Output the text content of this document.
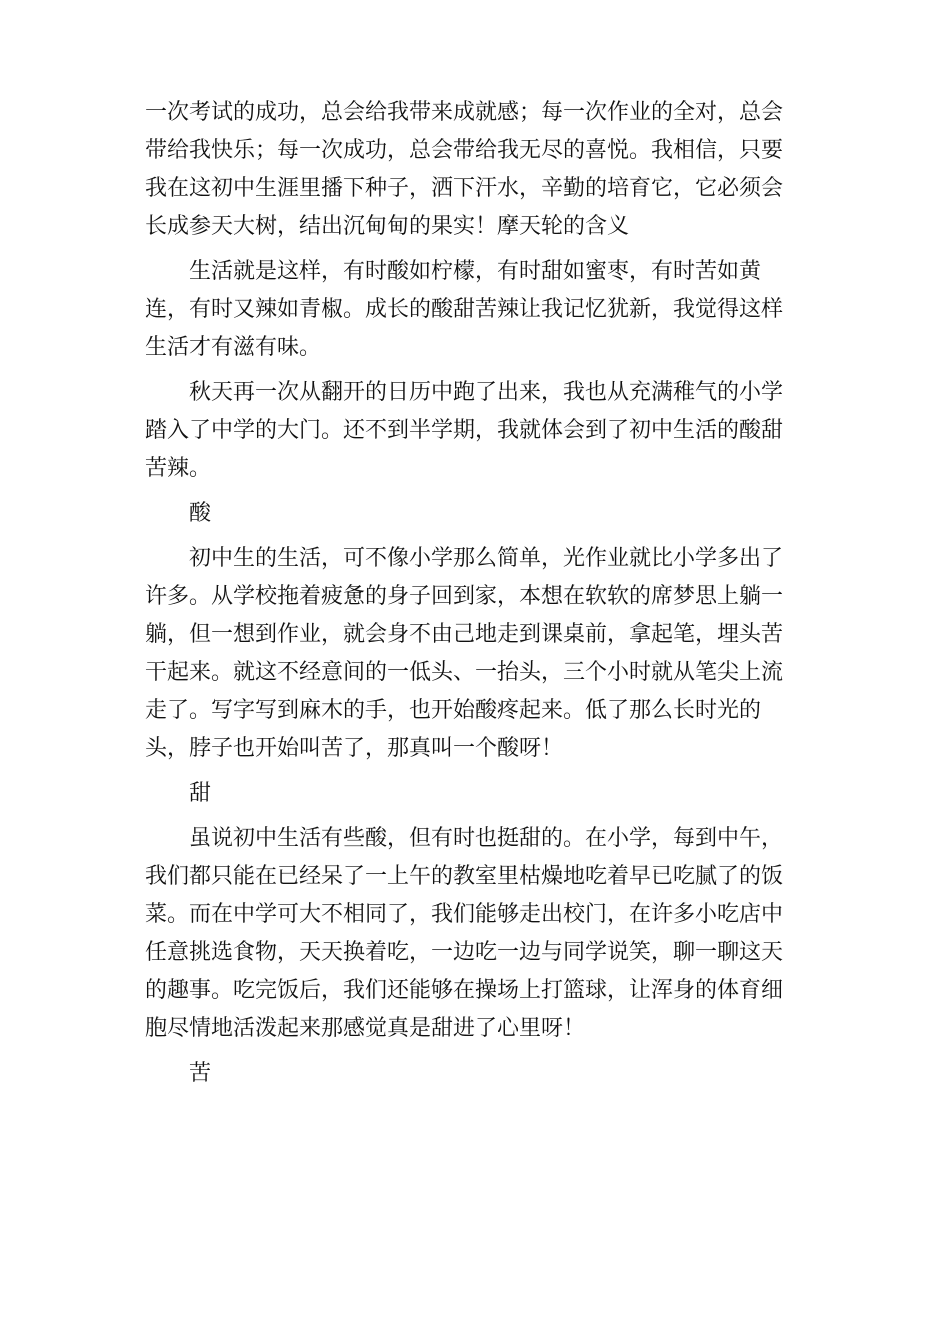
一次考试的成功，总会给我带来成就感；每一次作业的全对，总会带给我快乐；每一次成功，总会带给我无尽的喜悦。我相信，只要我在这初中生涯里播下种子，洒下汗水，辛勤的培育它，它必须会长成参天大树，结出沉甸甸的果实！摩天轮的含义

生活就是这样，有时酸如柠檬，有时甜如蜜枣，有时苦如黄连，有时又辣如青椒。成长的酸甜苦辣让我记忆犹新，我觉得这样生活才有滋有味。

秋天再一次从翻开的日历中跑了出来，我也从充满稚气的小学踏入了中学的大门。还不到半学期，我就体会到了初中生活的酸甜苦辣。

酸

初中生的生活，可不像小学那么简单，光作业就比小学多出了许多。从学校拖着疲惫的身子回到家，本想在软软的席梦思上躺一躺，但一想到作业，就会身不由己地走到课桌前，拿起笔，埋头苦干起来。就这不经意间的一低头、一抬头，三个小时就从笔尖上流走了。写字写到麻木的手，也开始酸疼起来。低了那么长时光的头，脖子也开始叫苦了，那真叫一个酸呀！

甜

虽说初中生活有些酸，但有时也挺甜的。在小学，每到中午，我们都只能在已经呆了一上午的教室里枯燥地吃着早已吃腻了的饭菜。而在中学可大不相同了，我们能够走出校门，在许多小吃店中任意挑选食物，天天换着吃，一边吃一边与同学说笑，聊一聊这天的趣事。吃完饭后，我们还能够在操场上打篮球，让浑身的体育细胞尽情地活泼起来那感觉真是甜进了心里呀！

苦
